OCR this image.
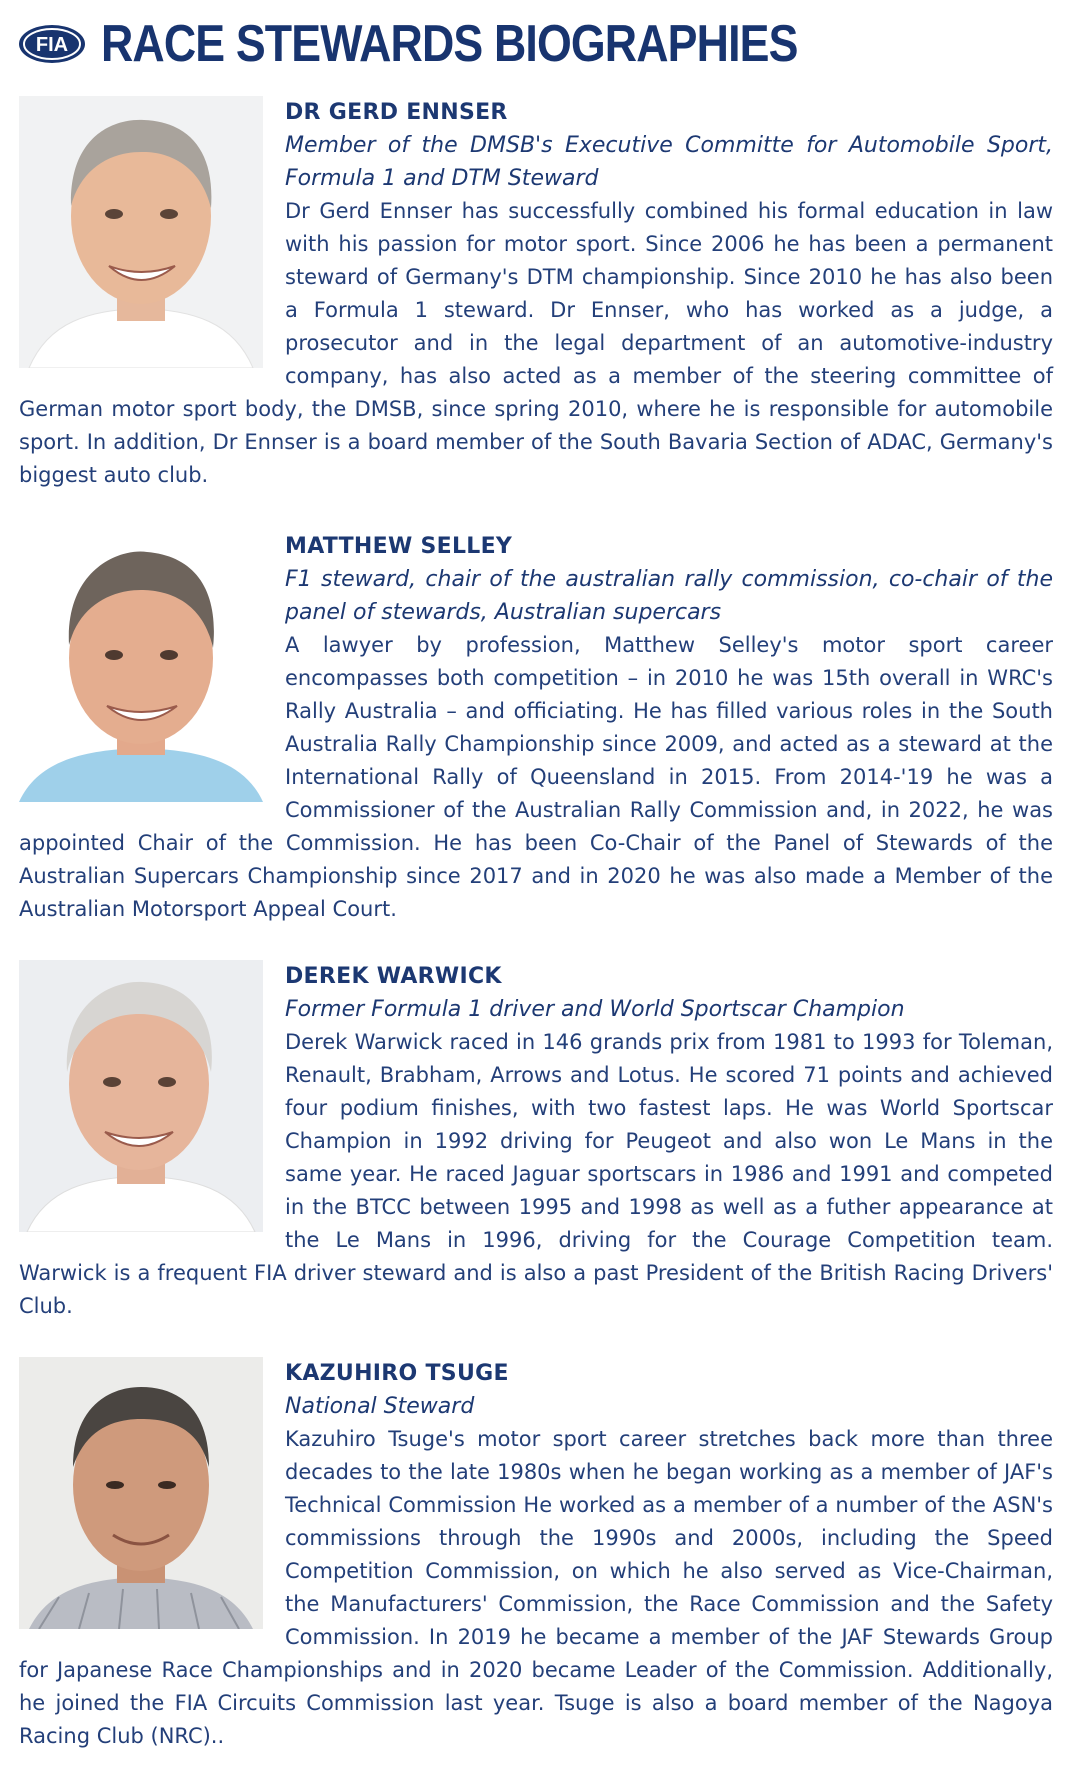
FIA RACE STEWARDS BIOGRAPHIES

DR GERD ENNSER

Member of the DMSB's Executive Committe for Automobile Sport, Formula 1 and DTM Steward

Dr Gerd Ennser has successfully combined his formal education in law with his passion for motor sport. Since 2006 he has been a permanent steward of Germany's DTM championship. Since 2010 he has also been a Formula 1 steward. Dr Ennser, who has worked as a judge, a prosecutor and in the legal department of an automotive-industry company, has also acted as a member of the steering committee of German motor sport body, the DMSB, since spring 2010, where he is responsible for automobile sport. In addition, Dr Ennser is a board member of the South Bavaria Section of ADAC, Germany's biggest auto club.

MATTHEW SELLEY

F1 steward, chair of the australian rally commission, co-chair of the panel of stewards, Australian supercars

A lawyer by profession, Matthew Selley's motor sport career encompasses both competition – in 2010 he was 15th overall in WRC's Rally Australia – and officiating. He has filled various roles in the South Australia Rally Championship since 2009, and acted as a steward at the International Rally of Queensland in 2015. From 2014-'19 he was a Commissioner of the Australian Rally Commission and, in 2022, he was appointed Chair of the Commission. He has been Co-Chair of the Panel of Stewards of the Australian Supercars Championship since 2017 and in 2020 he was also made a Member of the Australian Motorsport Appeal Court.

DEREK WARWICK

Former Formula 1 driver and World Sportscar Champion

Derek Warwick raced in 146 grands prix from 1981 to 1993 for Toleman, Renault, Brabham, Arrows and Lotus. He scored 71 points and achieved four podium finishes, with two fastest laps. He was World Sportscar Champion in 1992 driving for Peugeot and also won Le Mans in the same year. He raced Jaguar sportscars in 1986 and 1991 and competed in the BTCC between 1995 and 1998 as well as a futher appearance at the Le Mans in 1996, driving for the Courage Competition team. Warwick is a frequent FIA driver steward and is also a past President of the British Racing Drivers' Club.

KAZUHIRO TSUGE

National Steward

Kazuhiro Tsuge's motor sport career stretches back more than three decades to the late 1980s when he began working as a member of JAF's Technical Commission He worked as a member of a number of the ASN's commissions through the 1990s and 2000s, including the Speed Competition Commission, on which he also served as Vice-Chairman, the Manufacturers' Commission, the Race Commission and the Safety Commission. In 2019 he became a member of the JAF Stewards Group for Japanese Race Championships and in 2020 became Leader of the Commission. Additionally, he joined the FIA Circuits Commission last year. Tsuge is also a board member of the Nagoya Racing Club (NRC)..
